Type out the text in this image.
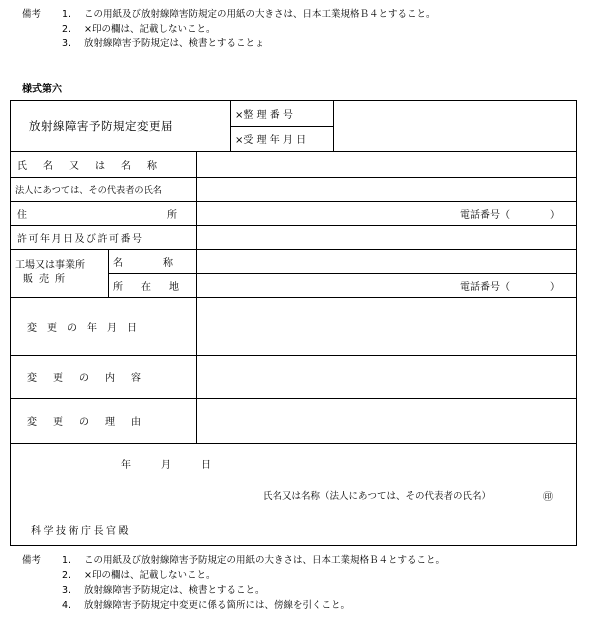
備考	1.	この用紙及び放射線障害防規定の用紙の大きさは、日本工業規格Ｂ４とすること。
2.	×印の欄は、記載しないこと。
3.	放射線障害予防規定は、検書とすることょ
様式第六
放射線障害予防規定変更届
×整 理 番 号
×受 理 年 月 日
氏名又は名称
法人にあつては、その代表者の氏名
住所	電話番号（　　　　）
許可年月日及び許可番号
工場又は事業所
販売所
名称
所在地	電話番号（　　　　）
変更の年月日
変更の内容
変更の理由
年　　　月　　　日
氏名又は名称（法人にあつては、その代表者の氏名）	㊞
科学技術庁長官殿
備考	1.	この用紙及び放射線障害予防規定の用紙の大きさは、日本工業規格Ｂ４とすること。
2.	×印の欄は、記載しないこと。
3.	放射線障害予防規定は、検書とすること。
4.	放射線障害予防規定中変更に係る箇所には、傍線を引くこと。
